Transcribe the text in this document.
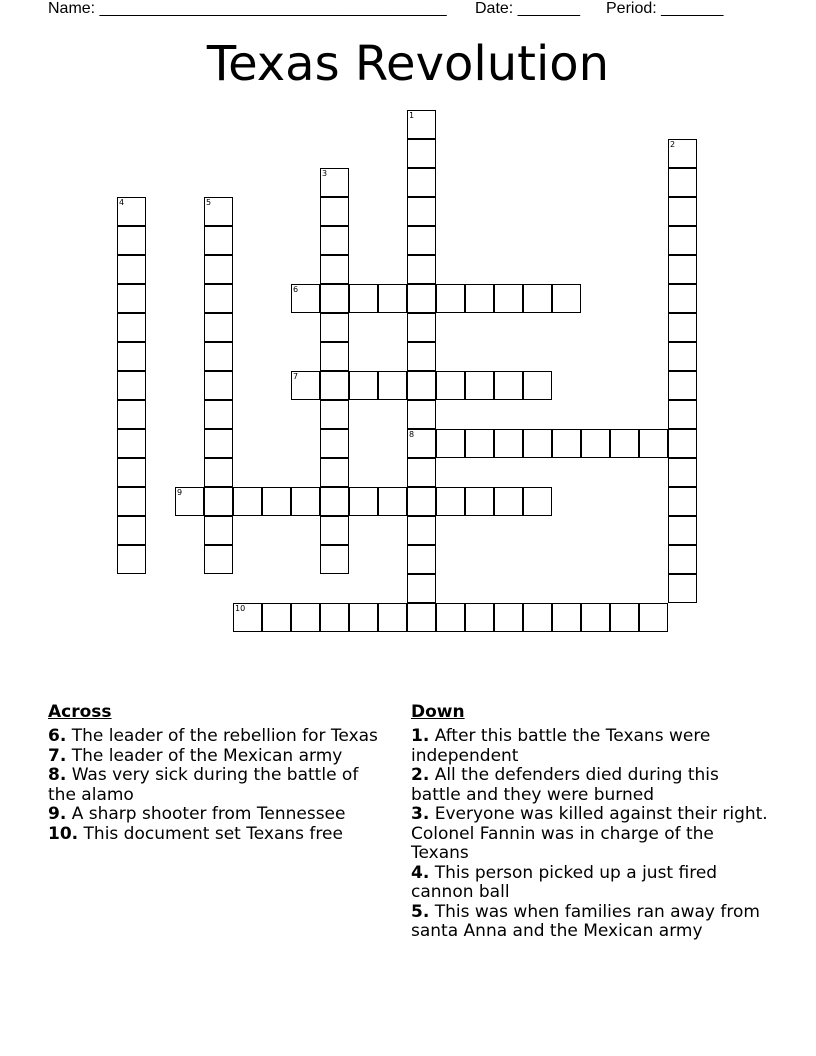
Name: _______________________________________ Date: _______ Period: _______
Texas Revolution
1
8
2
3
4	5
6
7
9
10
Across
6. The leader of the rebellion for Texas
7. The leader of the Mexican army
8. Was very sick during the battle of the alamo
9. A sharp shooter from Tennessee
10. This document set Texans free
Down
1. After this battle the Texans were independent
2. All the defenders died during this battle and they were burned
3. Everyone was killed against their right. Colonel Fannin was in charge of the Texans
4. This person picked up a just fired cannon ball
5. This was when families ran away from santa Anna and the Mexican army
